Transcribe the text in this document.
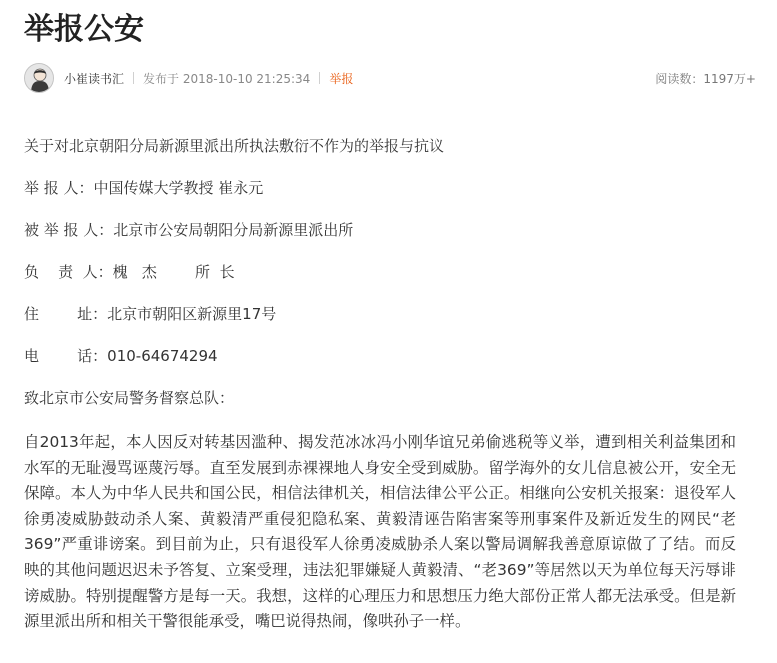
举报公安
小崔读书汇 发布于 2018-10-10 21:25:34 举报	阅读数：1197万+
关于对北京朝阳分局新源里派出所执法敷衍不作为的举报与抗议
举 报 人：中国传媒大学教授 崔永元
被 举 报 人：北京市公安局朝阳分局新源里派出所
负    责  人：槐   杰        所  长
住        址：北京市朝阳区新源里17号
电        话：010-64674294
致北京市公安局警务督察总队：
自2013年起，本人因反对转基因滥种、揭发范冰冰冯小刚华谊兄弟偷逃税等义举，遭到相关利益集团和水军的无耻漫骂诬蔑污辱。直至发展到赤裸裸地人身安全受到威胁。留学海外的女儿信息被公开，安全无保障。本人为中华人民共和国公民，相信法律机关，相信法律公平公正。相继向公安机关报案：退役军人徐勇凌威胁鼓动杀人案、黄毅清严重侵犯隐私案、黄毅清诬告陷害案等刑事案件及新近发生的网民“老369”严重诽谤案。到目前为止，只有退役军人徐勇凌威胁杀人案以警局调解我善意原谅做了了结。而反映的其他问题迟迟未予答复、立案受理，违法犯罪嫌疑人黄毅清、“老369”等居然以天为单位每天污辱诽谤威胁。特别提醒警方是每一天。我想，这样的心理压力和思想压力绝大部份正常人都无法承受。但是新源里派出所和相关干警很能承受，嘴巴说得热闹，像哄孙子一样。
